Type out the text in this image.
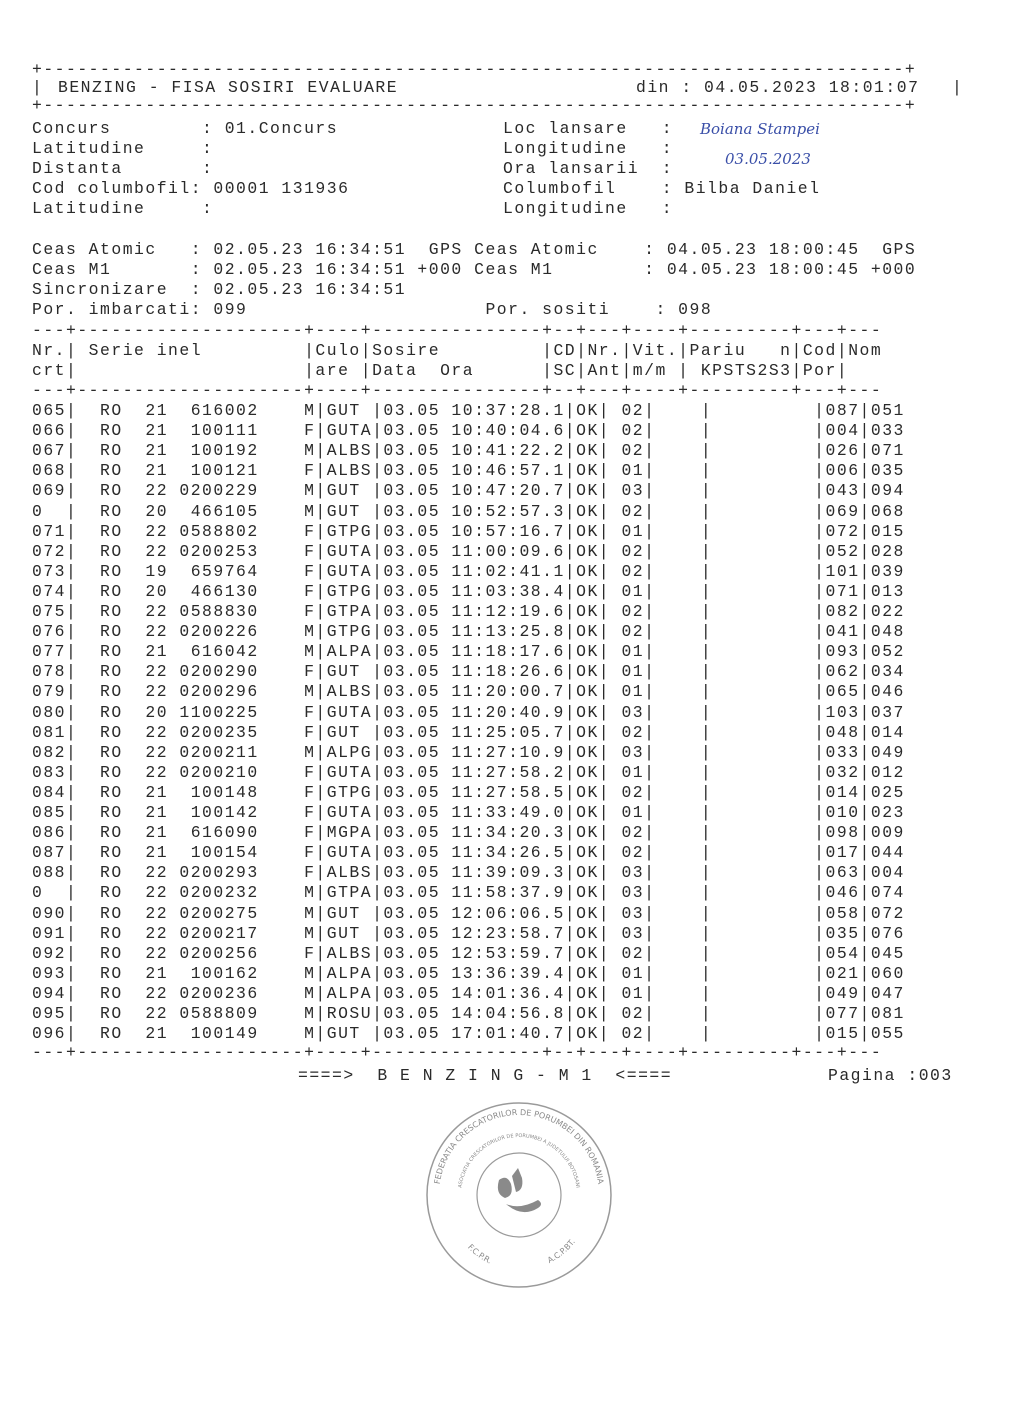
+----------------------------------------------------------------------------+
| BENZING - FISA SOSIRI EVALUARE	din : 04.05.2023 18:01:07 |
+----------------------------------------------------------------------------+
Concurs        : 01.Concurs
Latitudine     :
Distanta       :
Cod columbofil: 00001 131936
Latitudine     :
Loc lansare   :
Longitudine   :
Ora lansarii  :
Columbofil    : Bilba Daniel
Longitudine   :
Boiana Stampei
03.05.2023
Ceas Atomic   : 02.05.23 16:34:51  GPS Ceas Atomic    : 04.05.23 18:00:45  GPS
Ceas M1       : 02.05.23 16:34:51 +000 Ceas M1        : 04.05.23 18:00:45 +000
Sincronizare  : 02.05.23 16:34:51
Por. imbarcati: 099                     Por. sositi    : 098
---+--------------------+----+---------------+--+---+----+---------+---+---
Nr.| Serie inel         |Culo|Sosire         |CD|Nr.|Vit.|Pariu   n|Cod|Nom
crt|                    |are |Data  Ora      |SC|Ant|m/m | KPSTS2S3|Por|
---+--------------------+----+---------------+--+---+----+---------+---+---
065|  RO  21  616002    M|GUT |03.05 10:37:28.1|OK| 02|    |         |087|051
066|  RO  21  100111    F|GUTA|03.05 10:40:04.6|OK| 02|    |         |004|033
067|  RO  21  100192    M|ALBS|03.05 10:41:22.2|OK| 02|    |         |026|071
068|  RO  21  100121    F|ALBS|03.05 10:46:57.1|OK| 01|    |         |006|035
069|  RO  22 0200229    M|GUT |03.05 10:47:20.7|OK| 03|    |         |043|094
0  |  RO  20  466105    M|GUT |03.05 10:52:57.3|OK| 02|    |         |069|068
071|  RO  22 0588802    F|GTPG|03.05 10:57:16.7|OK| 01|    |         |072|015
072|  RO  22 0200253    F|GUTA|03.05 11:00:09.6|OK| 02|    |         |052|028
073|  RO  19  659764    F|GUTA|03.05 11:02:41.1|OK| 02|    |         |101|039
074|  RO  20  466130    F|GTPG|03.05 11:03:38.4|OK| 01|    |         |071|013
075|  RO  22 0588830    F|GTPA|03.05 11:12:19.6|OK| 02|    |         |082|022
076|  RO  22 0200226    M|GTPG|03.05 11:13:25.8|OK| 02|    |         |041|048
077|  RO  21  616042    M|ALPA|03.05 11:18:17.6|OK| 01|    |         |093|052
078|  RO  22 0200290    F|GUT |03.05 11:18:26.6|OK| 01|    |         |062|034
079|  RO  22 0200296    M|ALBS|03.05 11:20:00.7|OK| 01|    |         |065|046
080|  RO  20 1100225    F|GUTA|03.05 11:20:40.9|OK| 03|    |         |103|037
081|  RO  22 0200235    F|GUT |03.05 11:25:05.7|OK| 02|    |         |048|014
082|  RO  22 0200211    M|ALPG|03.05 11:27:10.9|OK| 03|    |         |033|049
083|  RO  22 0200210    F|GUTA|03.05 11:27:58.2|OK| 01|    |         |032|012
084|  RO  21  100148    F|GTPG|03.05 11:27:58.5|OK| 02|    |         |014|025
085|  RO  21  100142    F|GUTA|03.05 11:33:49.0|OK| 01|    |         |010|023
086|  RO  21  616090    F|MGPA|03.05 11:34:20.3|OK| 02|    |         |098|009
087|  RO  21  100154    F|GUTA|03.05 11:34:26.5|OK| 02|    |         |017|044
088|  RO  22 0200293    F|ALBS|03.05 11:39:09.3|OK| 03|    |         |063|004
0  |  RO  22 0200232    M|GTPA|03.05 11:58:37.9|OK| 03|    |         |046|074
090|  RO  22 0200275    M|GUT |03.05 12:06:06.5|OK| 03|    |         |058|072
091|  RO  22 0200217    M|GUT |03.05 12:23:58.7|OK| 03|    |         |035|076
092|  RO  22 0200256    F|ALBS|03.05 12:53:59.7|OK| 02|    |         |054|045
093|  RO  21  100162    M|ALPA|03.05 13:36:39.4|OK| 01|    |         |021|060
094|  RO  22 0200236    M|ALPA|03.05 14:01:36.4|OK| 01|    |         |049|047
095|  RO  22 0588809    M|ROSU|03.05 14:04:56.8|OK| 02|    |         |077|081
096|  RO  21  100149    M|GUT |03.05 17:01:40.7|OK| 02|    |         |015|055
---+--------------------+----+---------------+--+---+----+---------+---+---
====>  B E N Z I N G - M 1  <====	Pagina :003
FEDERATIA CRESCATORILOR DE PORUMBEI DIN ROMANIA
ASOCIATIA CRESCATORILOR DE PORUMBEI A JUDETULUI BOTOSANI
F.C.P.R.	A.C.P.BT.
